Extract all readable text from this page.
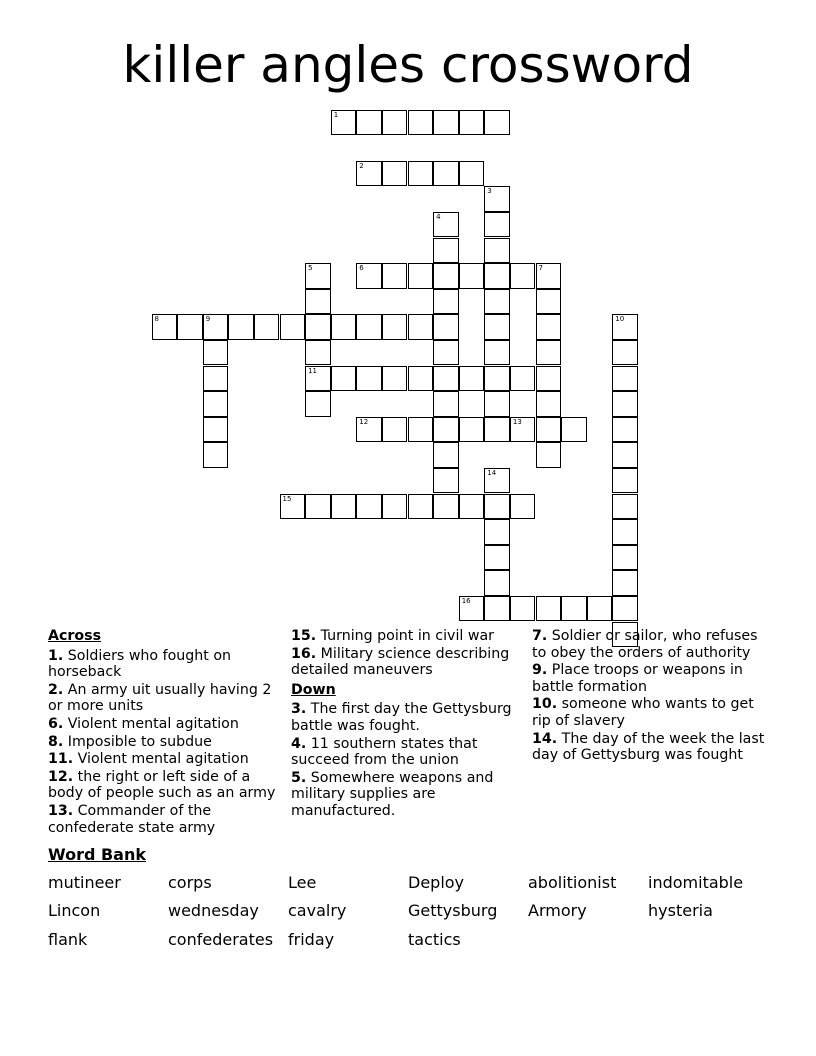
killer angles crossword
1
2
3
4
5
11
6	7
8	9	10
12	13
14
15
16
Across
1. Soldiers who fought on horseback
2. An army uit usually having 2 or more units
6. Violent mental agitation
8. Imposible to subdue
11. Violent mental agitation
12. the right or left side of a body of people such as an army
13. Commander of the confederate state army
15. Turning point in civil war
16. Military science describing detailed maneuvers
Down
3. The first day the Gettysburg battle was fought.
4. 11 southern states that succeed from the union
5. Somewhere weapons and military supplies are manufactured.
7. Soldier or sailor, who refuses to obey the orders of authority
9. Place troops or weapons in battle formation
10. someone who wants to get rip of slavery
14. The day of the week the last day of Gettysburg was fought
Word Bank
mutineer	corps	Lee	Deploy	abolitionist indomitable
Lincon	wednesday cavalry	Gettysburg Armory	hysteria
flank	confederates friday	tactics
